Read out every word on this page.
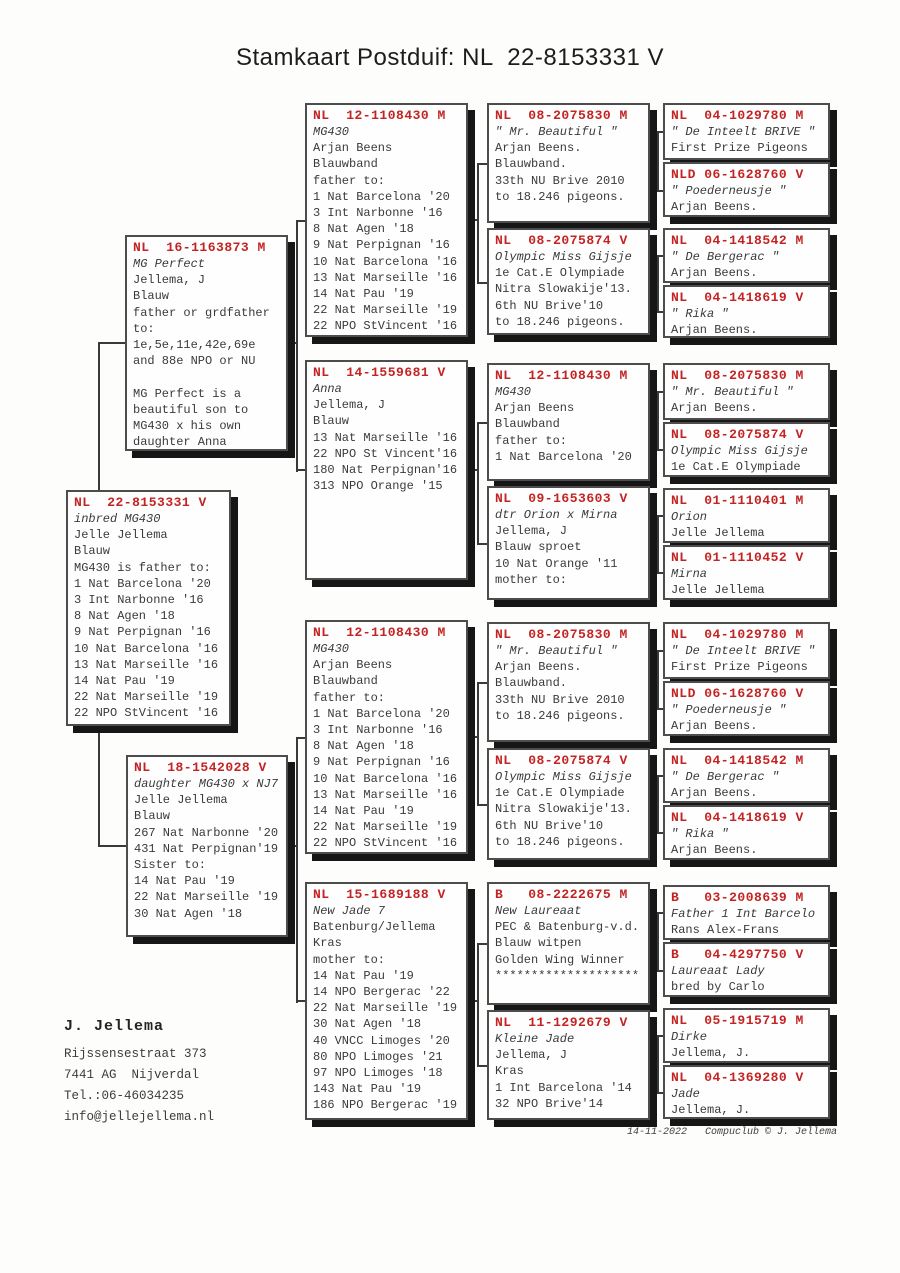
Stamkaart Postduif: NL  22-8153331 V
NL  22-8153331 V
inbred MG430
Jelle Jellema
Blauw
MG430 is father to:
1 Nat Barcelona '20
3 Int Narbonne '16
8 Nat Agen '18
9 Nat Perpignan '16
10 Nat Barcelona '16
13 Nat Marseille '16
14 Nat Pau '19
22 Nat Marseille '19
22 NPO StVincent '16
NL  16-1163873 M
MG Perfect
Jellema, J
Blauw
father or grdfather
to:
1e,5e,11e,42e,69e
and 88e NPO or NU
MG Perfect is a
beautiful son to
MG430 x his own
daughter Anna
NL  18-1542028 V
daughter MG430 x NJ7
Jelle Jellema
Blauw
267 Nat Narbonne '20
431 Nat Perpignan'19
Sister to:
14 Nat Pau '19
22 Nat Marseille '19
30 Nat Agen '18
NL  12-1108430 M
MG430
Arjan Beens
Blauwband
father to:
1 Nat Barcelona '20
3 Int Narbonne '16
8 Nat Agen '18
9 Nat Perpignan '16
10 Nat Barcelona '16
13 Nat Marseille '16
14 Nat Pau '19
22 Nat Marseille '19
22 NPO StVincent '16
NL  14-1559681 V
Anna
Jellema, J
Blauw
13 Nat Marseille '16
22 NPO St Vincent'16
180 Nat Perpignan'16
313 NPO Orange '15
NL  12-1108430 M
MG430
Arjan Beens
Blauwband
father to:
1 Nat Barcelona '20
3 Int Narbonne '16
8 Nat Agen '18
9 Nat Perpignan '16
10 Nat Barcelona '16
13 Nat Marseille '16
14 Nat Pau '19
22 Nat Marseille '19
22 NPO StVincent '16
NL  15-1689188 V
New Jade 7
Batenburg/Jellema
Kras
mother to:
14 Nat Pau '19
14 NPO Bergerac '22
22 Nat Marseille '19
30 Nat Agen '18
40 VNCC Limoges '20
80 NPO Limoges '21
97 NPO Limoges '18
143 Nat Pau '19
186 NPO Bergerac '19
NL  08-2075830 M
" Mr. Beautiful "
Arjan Beens.
Blauwband.
33th NU Brive 2010
to 18.246 pigeons.
NL  08-2075874 V
Olympic Miss Gijsje
1e Cat.E Olympiade
Nitra Slowakije'13.
6th NU Brive'10
to 18.246 pigeons.
NL  12-1108430 M
MG430
Arjan Beens
Blauwband
father to:
1 Nat Barcelona '20
NL  09-1653603 V
dtr Orion x Mirna
Jellema, J
Blauw sproet
10 Nat Orange '11
mother to:
NL  08-2075830 M
" Mr. Beautiful "
Arjan Beens.
Blauwband.
33th NU Brive 2010
to 18.246 pigeons.
NL  08-2075874 V
Olympic Miss Gijsje
1e Cat.E Olympiade
Nitra Slowakije'13.
6th NU Brive'10
to 18.246 pigeons.
B   08-2222675 M
New Laureaat
PEC & Batenburg-v.d.
Blauw witpen
Golden Wing Winner
********************
NL  11-1292679 V
Kleine Jade
Jellema, J
Kras
1 Int Barcelona '14
32 NPO Brive'14
NL  04-1029780 M
" De Inteelt BRIVE "
First Prize Pigeons
NLD 06-1628760 V
" Poederneusje "
Arjan Beens.
NL  04-1418542 M
" De Bergerac "
Arjan Beens.
NL  04-1418619 V
" Rika "
Arjan Beens.
NL  08-2075830 M
" Mr. Beautiful "
Arjan Beens.
NL  08-2075874 V
Olympic Miss Gijsje
1e Cat.E Olympiade
NL  01-1110401 M
Orion
Jelle Jellema
NL  01-1110452 V
Mirna
Jelle Jellema
NL  04-1029780 M
" De Inteelt BRIVE "
First Prize Pigeons
NLD 06-1628760 V
" Poederneusje "
Arjan Beens.
NL  04-1418542 M
" De Bergerac "
Arjan Beens.
NL  04-1418619 V
" Rika "
Arjan Beens.
B   03-2008639 M
Father 1 Int Barcelo
Rans Alex-Frans
B   04-4297750 V
Laureaat Lady
bred by Carlo
NL  05-1915719 M
Dirke
Jellema, J.
NL  04-1369280 V
Jade
Jellema, J.
J. Jellema
Rijssensestraat 373
7441 AG  Nijverdal
Tel.:06-46034235
info@jellejellema.nl
14-11-2022   Compuclub © J. Jellema
